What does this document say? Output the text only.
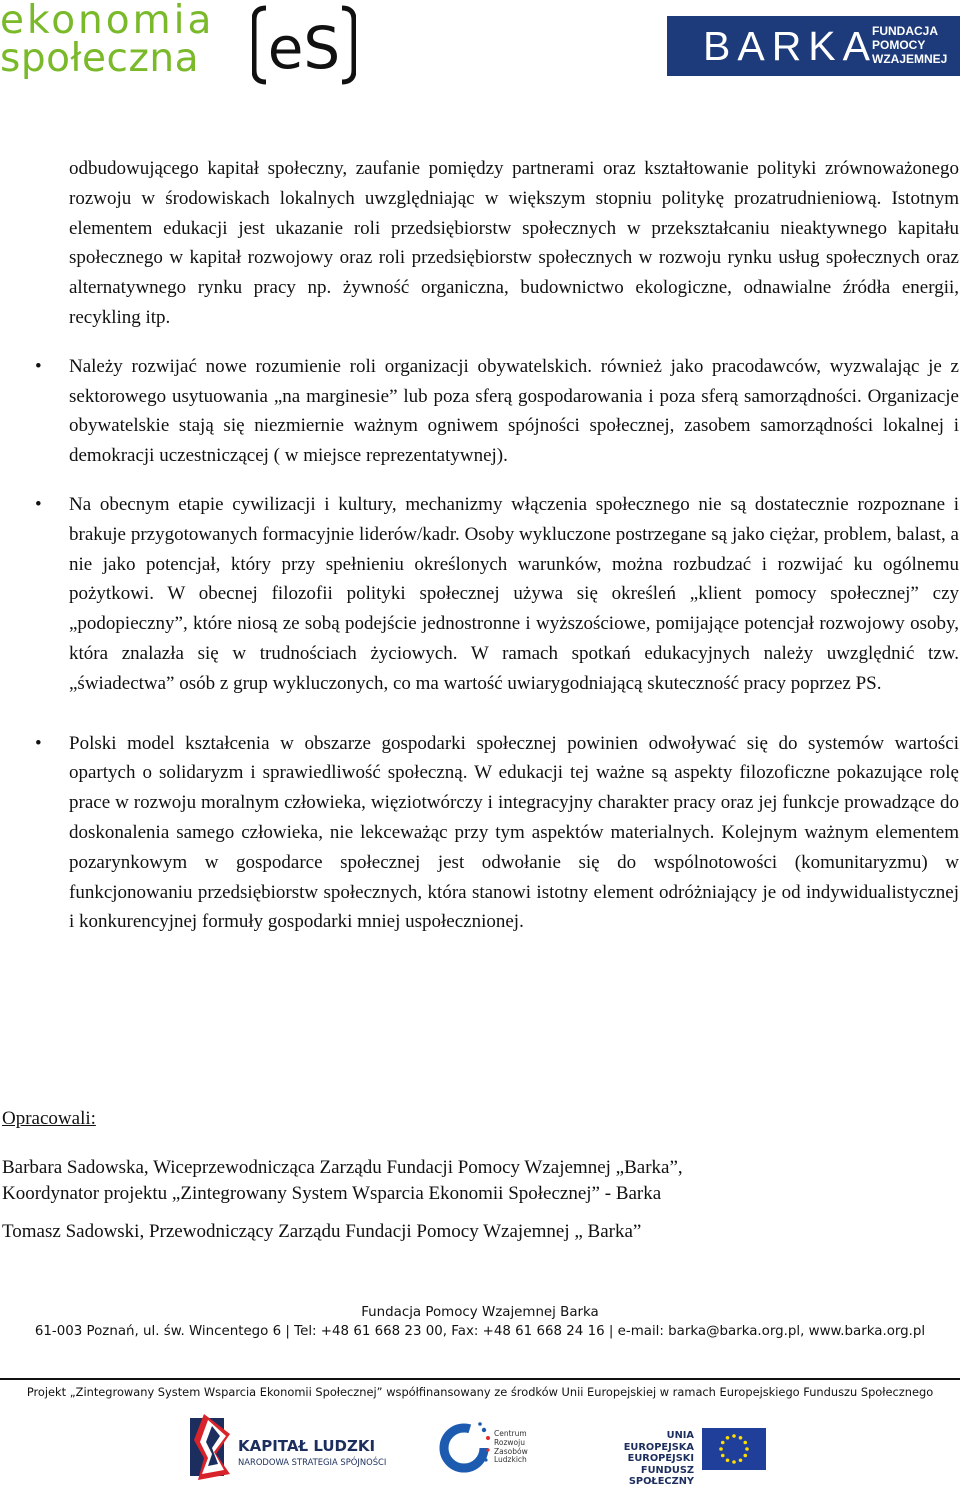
ekonomia
społeczna	eS	BARKA
FUNDACJA
POMOCY
WZAJEMNEJ

odbudowującego kapitał społeczny, zaufanie pomiędzy partnerami oraz kształtowanie polityki zrównoważonego rozwoju w środowiskach lokalnych uwzględniając w większym stopniu politykę prozatrudnieniową. Istotnym elementem edukacji jest ukazanie roli przedsiębiorstw społecznych w przekształcaniu nieaktywnego kapitału społecznego w kapitał rozwojowy oraz roli przedsiębiorstw społecznych w rozwoju rynku usług społecznych oraz alternatywnego rynku pracy np. żywność organiczna, budownictwo ekologiczne, odnawialne źródła energii, recykling itp.

• Należy rozwijać nowe rozumienie roli organizacji obywatelskich. również jako pracodawców, wyzwalając je z sektorowego usytuowania „na marginesie” lub poza sferą gospodarowania i poza sferą samorządności. Organizacje obywatelskie stają się niezmiernie ważnym ogniwem spójności społecznej, zasobem samorządności lokalnej i demokracji uczestniczącej ( w miejsce reprezentatywnej).
• Na obecnym etapie cywilizacji i kultury, mechanizmy włączenia społecznego nie są dostatecznie rozpoznane i brakuje przygotowanych formacyjnie liderów/kadr. Osoby wykluczone postrzegane są jako ciężar, problem, balast, a nie jako potencjał, który przy spełnieniu określonych warunków, można rozbudzać i rozwijać ku ogólnemu pożytkowi. W obecnej filozofii polityki społecznej używa się określeń „klient pomocy społecznej” czy „podopieczny”, które niosą ze sobą podejście jednostronne i wyższościowe, pomijające potencjał rozwojowy osoby, która znalazła się w trudnościach życiowych. W ramach spotkań edukacyjnych należy uwzględnić tzw. „świadectwa” osób z grup wykluczonych, co ma wartość uwiarygodniającą skuteczność pracy poprzez PS.
• Polski model kształcenia w obszarze gospodarki społecznej powinien odwoływać się do systemów wartości opartych o solidaryzm i sprawiedliwość społeczną. W edukacji tej ważne są aspekty filozoficzne pokazujące rolę prace w rozwoju moralnym człowieka, więziotwórczy i integracyjny charakter pracy oraz jej funkcje prowadzące do doskonalenia samego człowieka, nie lekceważąc przy tym aspektów materialnych. Kolejnym ważnym elementem pozarynkowym w gospodarce społecznej jest odwołanie się do wspólnotowości (komunitaryzmu) w funkcjonowaniu przedsiębiorstw społecznych, która stanowi istotny element odróżniający je od indywidualistycznej i konkurencyjnej formuły gospodarki mniej uspołecznionej.
Opracowali:
Barbara Sadowska, Wiceprzewodnicząca Zarządu Fundacji Pomocy Wzajemnej „Barka”,
Koordynator projektu „Zintegrowany System Wsparcia Ekonomii Społecznej” - Barka
Tomasz Sadowski, Przewodniczący Zarządu Fundacji Pomocy Wzajemnej „ Barka”
Fundacja Pomocy Wzajemnej Barka
61-003 Poznań, ul. św. Wincentego 6 | Tel: +48 61 668 23 00, Fax: +48 61 668 24 16 | e-mail: barka@barka.org.pl, www.barka.org.pl
Projekt „Zintegrowany System Wsparcia Ekonomii Społecznej” współfinansowany ze środków Unii Europejskiej w ramach Europejskiego Funduszu Społecznego
KAPITAŁ LUDZKI
NARODOWA STRATEGIA SPÓJNOŚCI
Centrum
Rozwoju
Zasobów
Ludzkich
UNIA EUROPEJSKA
EUROPEJSKI
FUNDUSZ SPOŁECZNY
